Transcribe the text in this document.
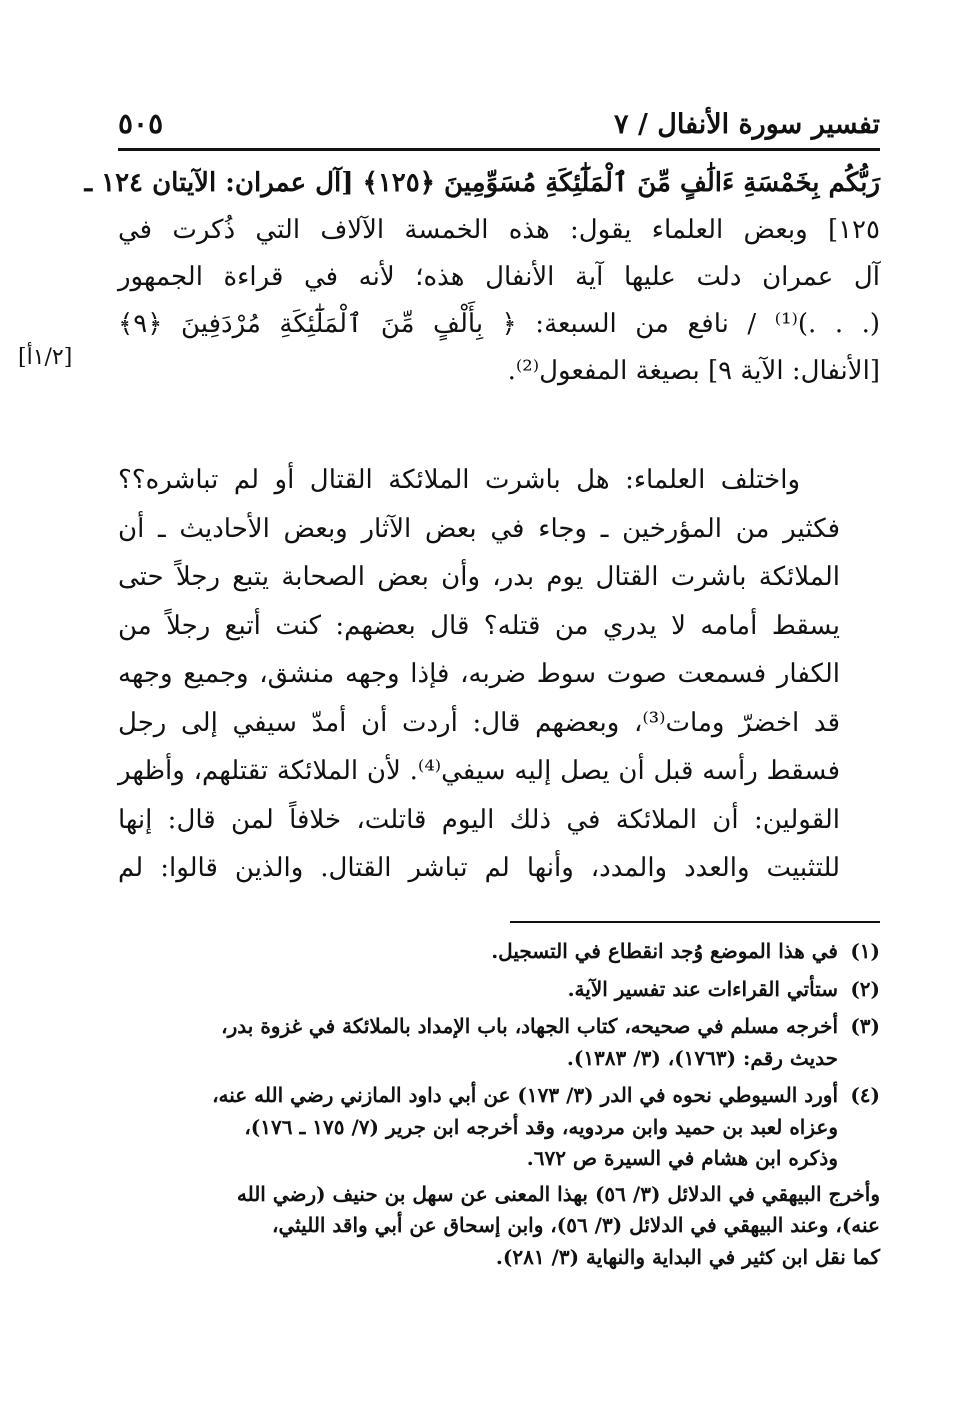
تفسير سورة الأنفال / ٧
٥٠٥
[١/٢أ]
رَبُّكُم بِخَمْسَةِ ءَالَٰفٍ مِّنَ ٱلْمَلَٰٓئِكَةِ مُسَوِّمِينَ ﴿١٢٥﴾ [آل عمران: الآيتان ١٢٤ ـ
١٢٥] وبعض العلماء يقول: هذه الخمسة الآلاف التي ذُكرت في
آل عمران دلت عليها آية الأنفال هذه؛ لأنه في قراءة الجمهور
(. . .)⁽¹⁾ / نافع من السبعة: ﴿ بِأَلْفٍ مِّنَ ٱلْمَلَٰٓئِكَةِ مُرْدَفِينَ ﴿٩﴾
[الأنفال: الآية ٩] بصيغة المفعول⁽²⁾.
واختلف العلماء: هل باشرت الملائكة القتال أو لم تباشره؟؟
فكثير من المؤرخين ـ وجاء في بعض الآثار وبعض الأحاديث ـ أن
الملائكة باشرت القتال يوم بدر، وأن بعض الصحابة يتبع رجلاً حتى
يسقط أمامه لا يدري من قتله؟ قال بعضهم: كنت أتبع رجلاً من
الكفار فسمعت صوت سوط ضربه، فإذا وجهه منشق، وجميع وجهه
قد اخضرّ ومات⁽³⁾، وبعضهم قال: أردت أن أمدّ سيفي إلى رجل
فسقط رأسه قبل أن يصل إليه سيفي⁽⁴⁾. لأن الملائكة تقتلهم، وأظهر
القولين: أن الملائكة في ذلك اليوم قاتلت، خلافاً لمن قال: إنها
للتثبيت والعدد والمدد، وأنها لم تباشر القتال. والذين قالوا: لم
(١)
في هذا الموضع وُجد انقطاع في التسجيل.
(٢)
ستأتي القراءات عند تفسير الآية.
(٣)
أخرجه مسلم في صحيحه، كتاب الجهاد، باب الإمداد بالملائكة في غزوة بدر،
حديث رقم: (١٧٦٣)، (٣/ ١٣٨٣).
(٤)
أورد السيوطي نحوه في الدر (٣/ ١٧٣) عن أبي داود المازني رضي الله عنه،
وعزاه لعبد بن حميد وابن مردويه، وقد أخرجه ابن جرير (٧/ ١٧٥ ـ ١٧٦)،
وذكره ابن هشام في السيرة ص ٦٧٢.
وأخرج البيهقي في الدلائل (٣/ ٥٦) بهذا المعنى عن سهل بن حنيف (رضي الله
عنه)، وعند البيهقي في الدلائل (٣/ ٥٦)، وابن إسحاق عن أبي واقد الليثي،
كما نقل ابن كثير في البداية والنهاية (٣/ ٢٨١).
